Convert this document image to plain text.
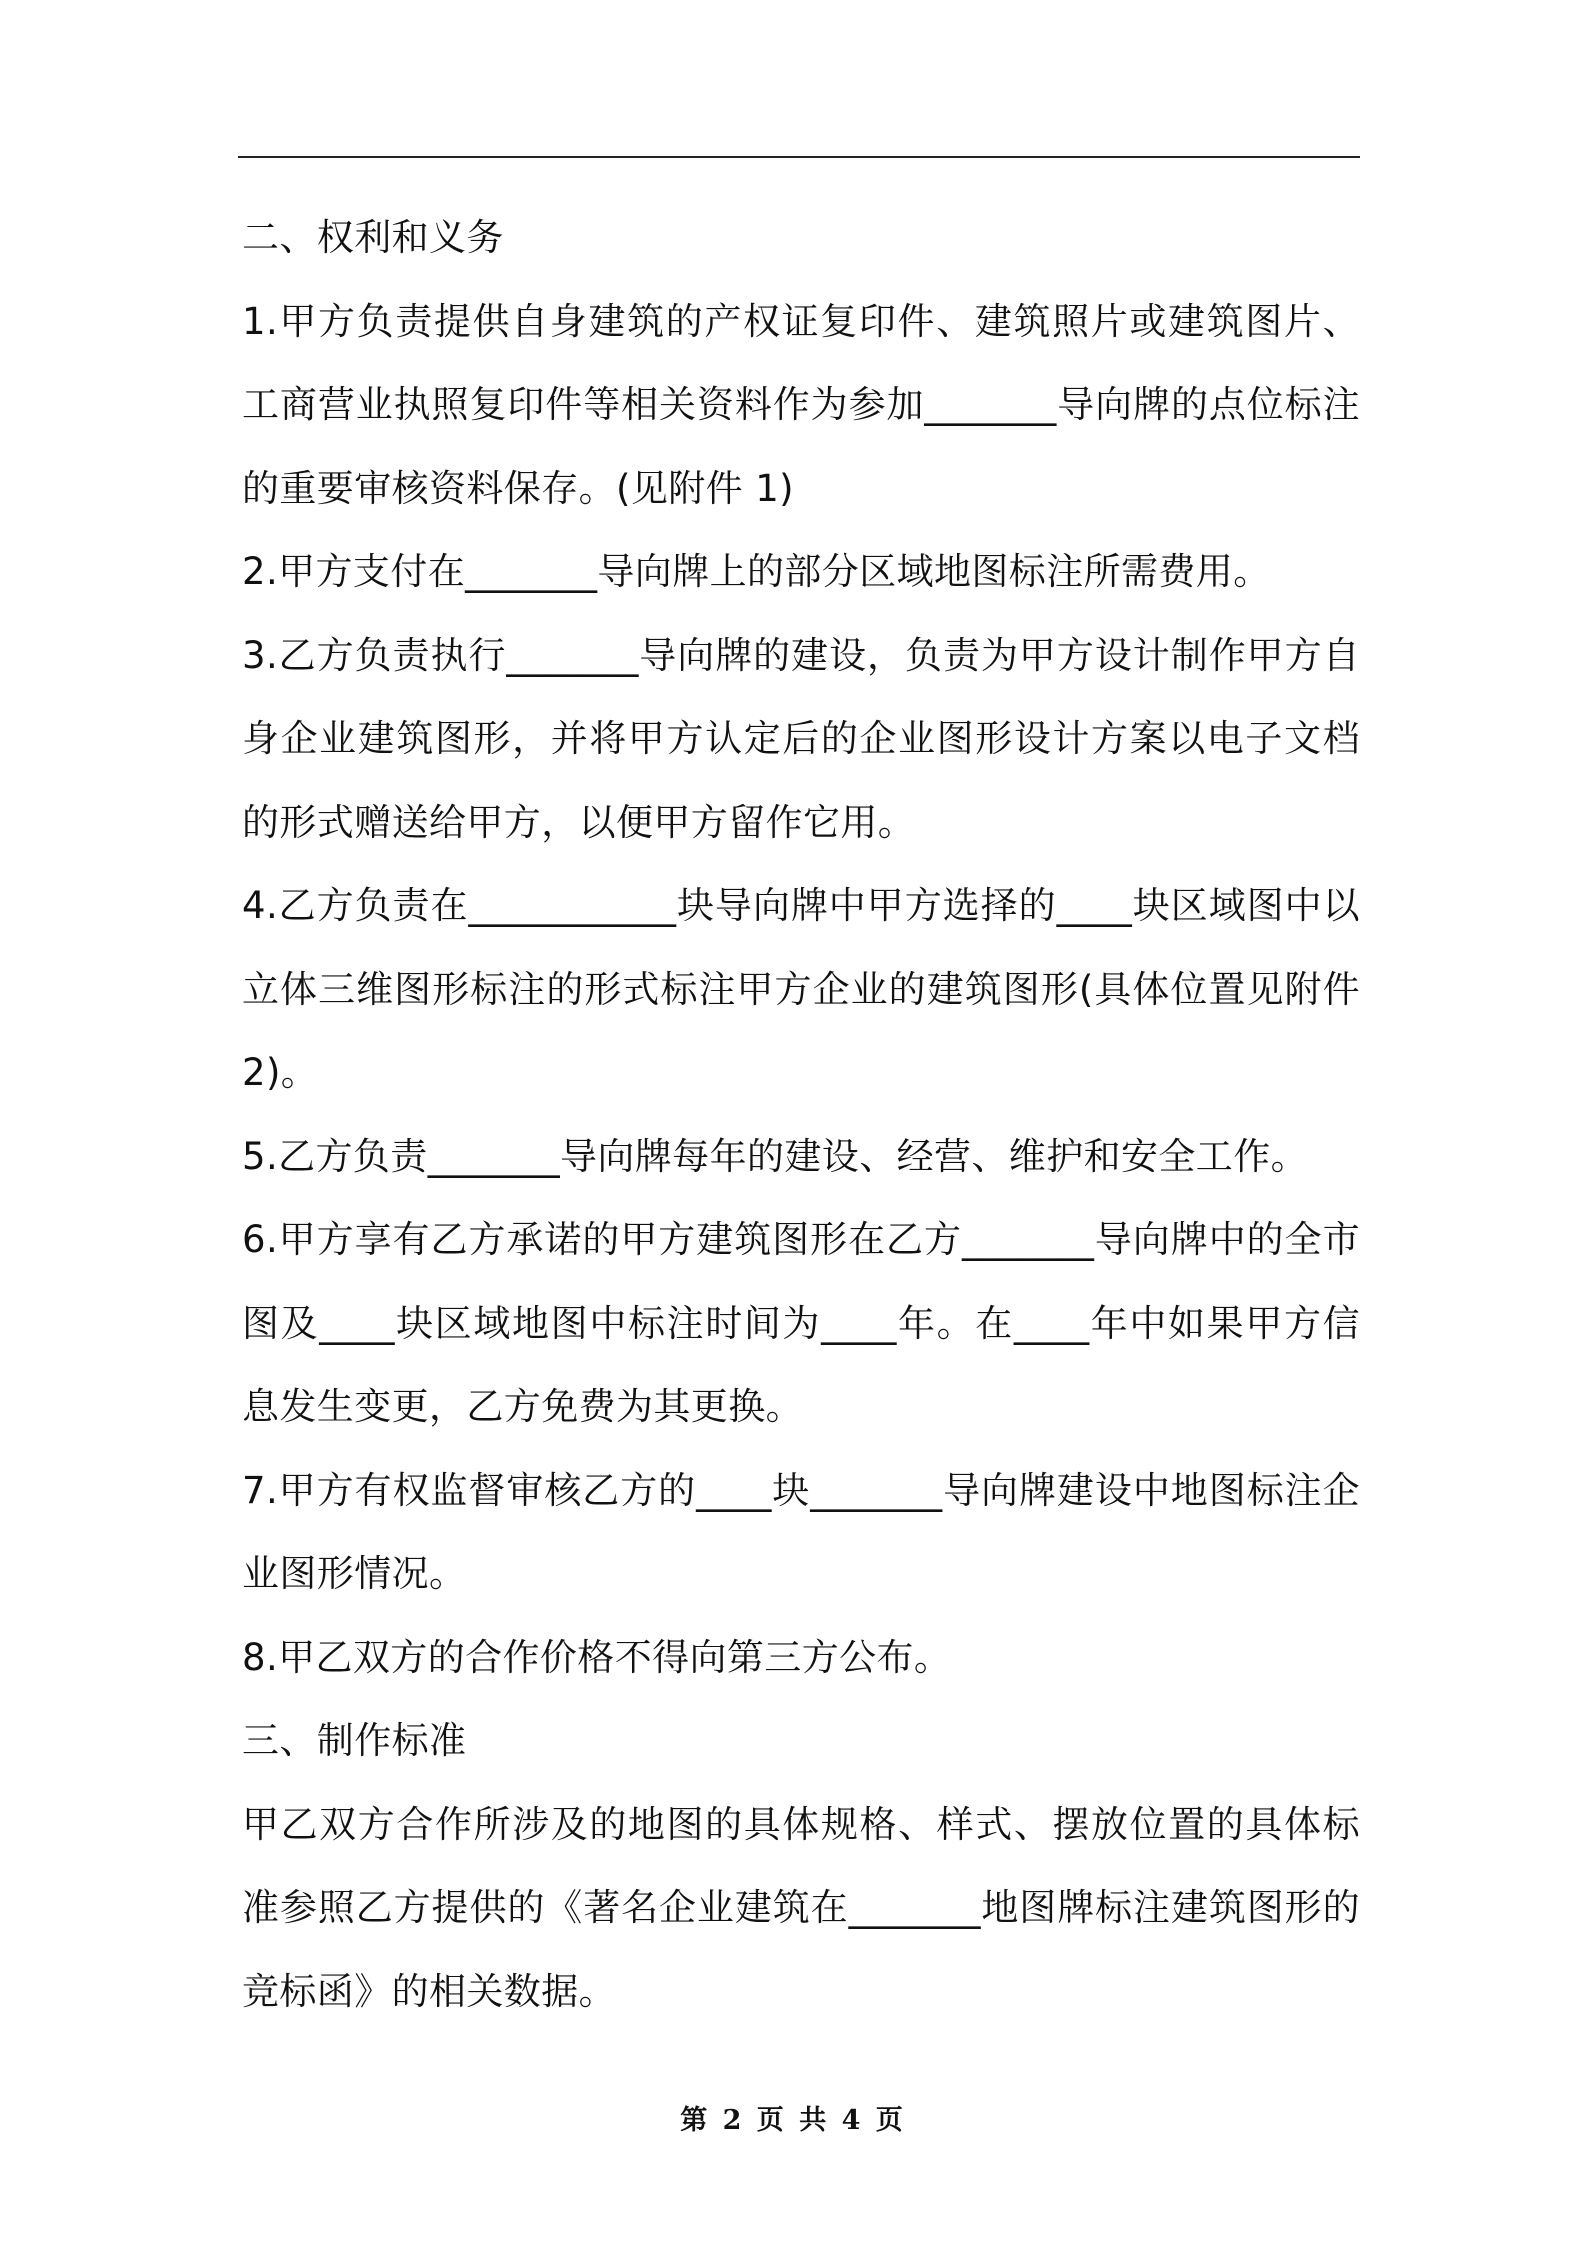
二、权利和义务

1.甲方负责提供自身建筑的产权证复印件、建筑照片或建筑图片、工商营业执照复印件等相关资料作为参加_______导向牌的点位标注的重要审核资料保存。(见附件 1)

2.甲方支付在_______导向牌上的部分区域地图标注所需费用。

3.乙方负责执行_______导向牌的建设，负责为甲方设计制作甲方自身企业建筑图形，并将甲方认定后的企业图形设计方案以电子文档的形式赠送给甲方，以便甲方留作它用。

4.乙方负责在___________块导向牌中甲方选择的____块区域图中以立体三维图形标注的形式标注甲方企业的建筑图形(具体位置见附件 2)。

5.乙方负责_______导向牌每年的建设、经营、维护和安全工作。

6.甲方享有乙方承诺的甲方建筑图形在乙方_______导向牌中的全市图及____块区域地图中标注时间为____年。在____年中如果甲方信息发生变更，乙方免费为其更换。

7.甲方有权监督审核乙方的____块_______导向牌建设中地图标注企业图形情况。

8.甲乙双方的合作价格不得向第三方公布。

三、制作标准

甲乙双方合作所涉及的地图的具体规格、样式、摆放位置的具体标准参照乙方提供的《著名企业建筑在_______地图牌标注建筑图形的竞标函》的相关数据。

第 2 页 共 4 页
